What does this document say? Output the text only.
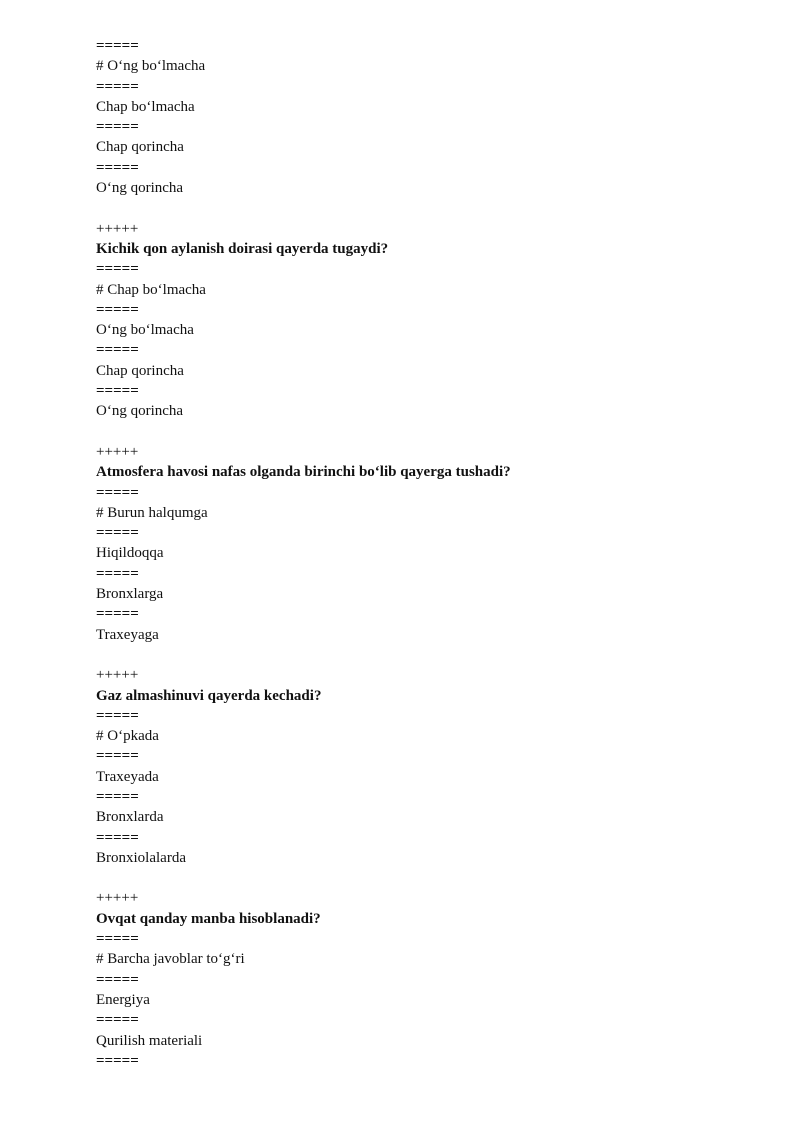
=====
# O‘ng bo‘lmacha
=====
Chap bo‘lmacha
=====
Chap qorincha
=====
O‘ng qorincha
+++++
Kichik qon aylanish doirasi qayerda tugaydi?
=====
# Chap bo‘lmacha
=====
O‘ng bo‘lmacha
=====
Chap qorincha
=====
O‘ng qorincha
+++++
Atmosfera havosi nafas olganda birinchi bo‘lib qayerga tushadi?
=====
# Burun halqumga
=====
Hiqildoqqa
=====
Bronxlarga
=====
Traxeyaga
+++++
Gaz almashinuvi qayerda kechadi?
=====
# O‘pkada
=====
Traxeyada
=====
Bronxlarda
=====
Bronxiolalarda
+++++
Ovqat qanday manba hisoblanadi?
=====
# Barcha javoblar to‘g‘ri
=====
Energiya
=====
Qurilish materiali
=====
